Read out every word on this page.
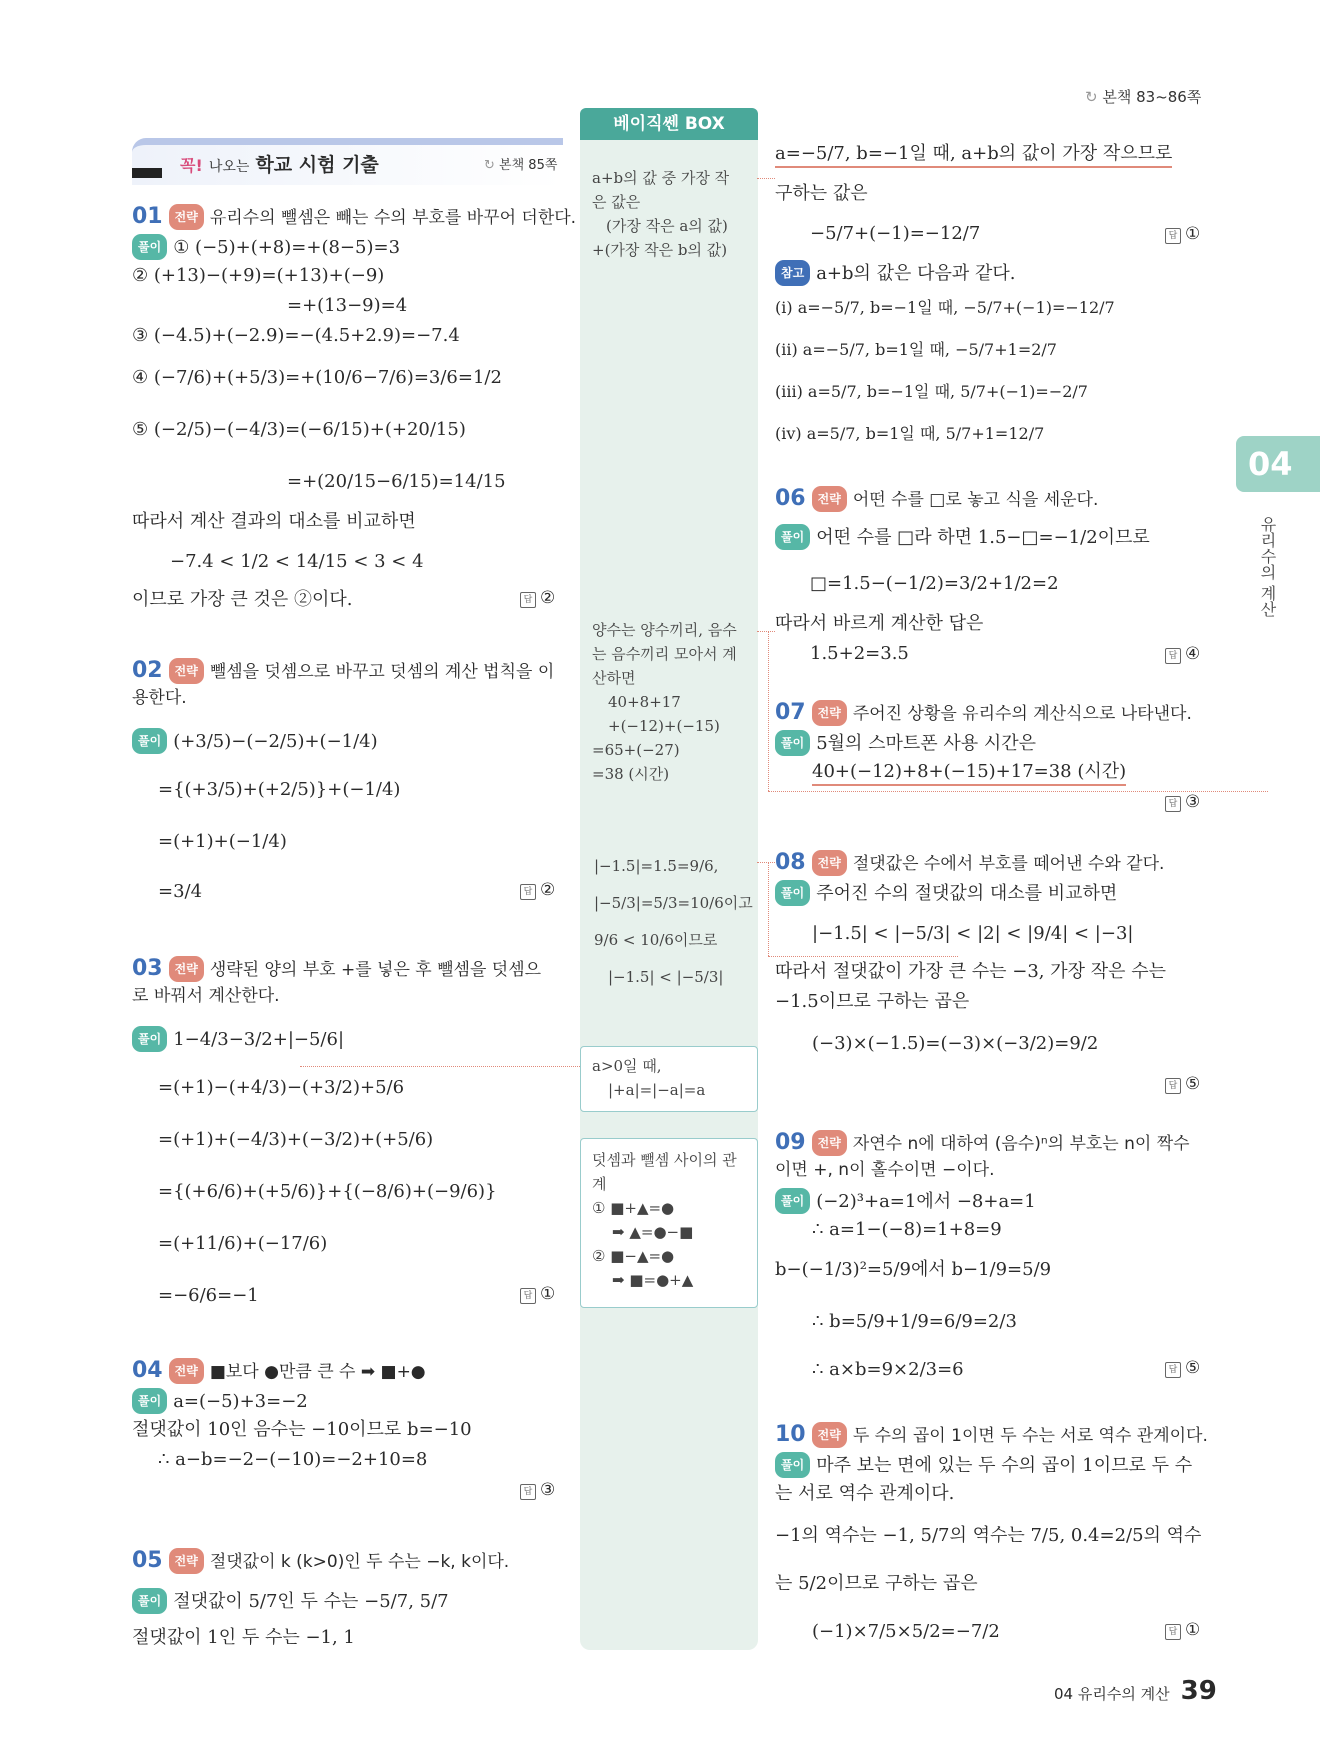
↻ 본책 83~86쪽
꼭! 나오는 학교 시험 기출	↻ 본책 85쪽
베이직쎈 BOX
a+b의 값 중 가장 작
은 값은
(가장 작은 a의 값)
+(가장 작은 b의 값)
양수는 양수끼리, 음수
는 음수끼리 모아서 계
산하면
40+8+17
+(−12)+(−15)
=65+(−27)
=38 (시간)
|−1.5|=1.5=9/6,
|−5/3|=5/3=10/6이고
9/6 < 10/6이므로
|−1.5| < |−5/3|
a>0일 때,
|+a|=|−a|=a
덧셈과 뺄셈 사이의 관
계
① ■+▲=●
➡ ▲=●−■
② ■−▲=●
➡ ■=●+▲
01 전략 유리수의 뺄셈은 빼는 수의 부호를 바꾸어 더한다.
풀이 ① (−5)+(+8)=+(8−5)=3
② (+13)−(+9)=(+13)+(−9)
=+(13−9)=4
③ (−4.5)+(−2.9)=−(4.5+2.9)=−7.4
④ (−7/6)+(+5/3)=+(10/6−7/6)=3/6=1/2
⑤ (−2/5)−(−4/3)=(−6/15)+(+20/15)
=+(20/15−6/15)=14/15
따라서 계산 결과의 대소를 비교하면
−7.4 < 1/2 < 14/15 < 3 < 4
이므로 가장 큰 것은 ②이다.	답 ②
02 전략 뺄셈을 덧셈으로 바꾸고 덧셈의 계산 법칙을 이
용한다.
풀이 (+3/5)−(−2/5)+(−1/4)
={(+3/5)+(+2/5)}+(−1/4)
=(+1)+(−1/4)
=3/4	답 ②
03 전략 생략된 양의 부호 +를 넣은 후 뺄셈을 덧셈으
로 바꿔서 계산한다.
풀이 1−4/3−3/2+|−5/6|
=(+1)−(+4/3)−(+3/2)+5/6
=(+1)+(−4/3)+(−3/2)+(+5/6)
={(+6/6)+(+5/6)}+{(−8/6)+(−9/6)}
=(+11/6)+(−17/6)
=−6/6=−1	답 ①
04 전략 ■보다 ●만큼 큰 수 ➡ ■+●
풀이 a=(−5)+3=−2
절댓값이 10인 음수는 −10이므로 b=−10
∴ a−b=−2−(−10)=−2+10=8
답 ③
05 전략 절댓값이 k (k>0)인 두 수는 −k, k이다.
풀이 절댓값이 5/7인 두 수는 −5/7, 5/7
절댓값이 1인 두 수는 −1, 1
a=−5/7, b=−1일 때, a+b의 값이 가장 작으므로
구하는 값은
−5/7+(−1)=−12/7	답 ①
참고 a+b의 값은 다음과 같다.
(i) a=−5/7, b=−1일 때, −5/7+(−1)=−12/7
(ii) a=−5/7, b=1일 때, −5/7+1=2/7
(iii) a=5/7, b=−1일 때, 5/7+(−1)=−2/7
(iv) a=5/7, b=1일 때, 5/7+1=12/7
06 전략 어떤 수를 □로 놓고 식을 세운다.
풀이 어떤 수를 □라 하면 1.5−□=−1/2이므로
□=1.5−(−1/2)=3/2+1/2=2
따라서 바르게 계산한 답은
1.5+2=3.5	답 ④
07 전략 주어진 상황을 유리수의 계산식으로 나타낸다.
풀이 5월의 스마트폰 사용 시간은
40+(−12)+8+(−15)+17=38 (시간)
답 ③
08 전략 절댓값은 수에서 부호를 떼어낸 수와 같다.
풀이 주어진 수의 절댓값의 대소를 비교하면
|−1.5| < |−5/3| < |2| < |9/4| < |−3|
따라서 절댓값이 가장 큰 수는 −3, 가장 작은 수는
−1.5이므로 구하는 곱은
(−3)×(−1.5)=(−3)×(−3/2)=9/2
답 ⑤
09 전략 자연수 n에 대하여 (음수)ⁿ의 부호는 n이 짝수
이면 +, n이 홀수이면 −이다.
풀이 (−2)³+a=1에서 −8+a=1
∴ a=1−(−8)=1+8=9
b−(−1/3)²=5/9에서 b−1/9=5/9
∴ b=5/9+1/9=6/9=2/3
∴ a×b=9×2/3=6	답 ⑤
10 전략 두 수의 곱이 1이면 두 수는 서로 역수 관계이다.
풀이 마주 보는 면에 있는 두 수의 곱이 1이므로 두 수
는 서로 역수 관계이다.
−1의 역수는 −1, 5/7의 역수는 7/5, 0.4=2/5의 역수
는 5/2이므로 구하는 곱은
(−1)×7/5×5/2=−7/2	답 ①
04
유리수의 계산
04 유리수의 계산 39
